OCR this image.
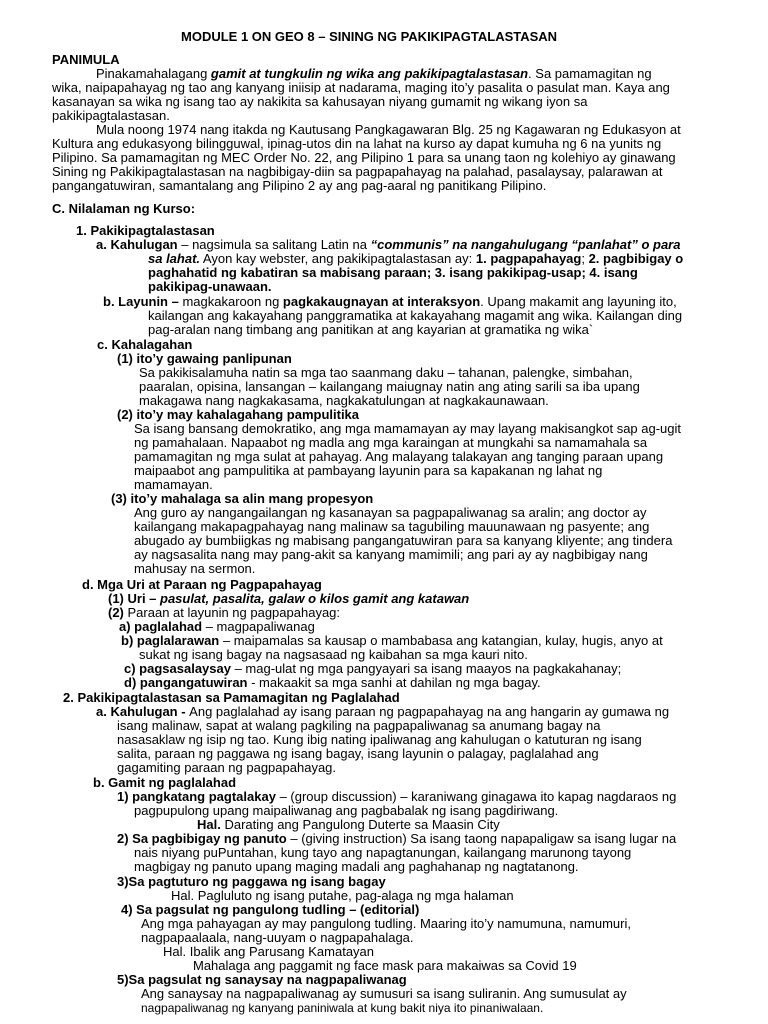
MODULE 1 ON GEO 8 – SINING NG PAKIKIPAGTALASTASAN
PANIMULA
Pinakamahalagang gamit at tungkulin ng wika ang pakikipagtalastasan. Sa pamamagitan ng
wika, naipapahayag ng tao ang kanyang iniisip at nadarama, maging ito’y pasalita o pasulat man. Kaya ang
kasanayan sa wika ng isang tao ay nakikita sa kahusayan niyang gumamit ng wikang iyon sa
pakikipagtalastasan.
Mula noong 1974 nang itakda ng Kautusang Pangkagawaran Blg. 25 ng Kagawaran ng Edukasyon at
Kultura ang edukasyong bilingguwal, ipinag-utos din na lahat na kurso ay dapat kumuha ng 6 na yunits ng
Pilipino. Sa pamamagitan ng MEC Order No. 22, ang Pilipino 1 para sa unang taon ng kolehiyo ay ginawang
Sining ng Pakikipagtalastasan na nagbibigay-diin sa pagpapahayag na palahad, pasalaysay, palarawan at
pangangatuwiran, samantalang ang Pilipino 2 ay ang pag-aaral ng panitikang Pilipino.
C. Nilalaman ng Kurso:
1. Pakikipagtalastasan
a. Kahulugan – nagsimula sa salitang Latin na “communis” na nangahulugang “panlahat” o para
sa lahat. Ayon kay webster, ang pakikipagtalastasan ay: 1. pagpapahayag; 2. pagbibigay o
paghahatid ng kabatiran sa mabisang paraan; 3. isang pakikipag-usap; 4. isang
pakikipag-unawaan.
b. Layunin – magkakaroon ng pagkakaugnayan at interaksyon. Upang makamit ang layuning ito,
kailangan ang kakayahang panggramatika at kakayahang magamit ang wika. Kailangan ding
pag-aralan nang timbang ang panitikan at ang kayarian at gramatika ng wika`
c. Kahalagahan
(1) ito’y gawaing panlipunan
Sa pakikisalamuha natin sa mga tao saanmang daku – tahanan, palengke, simbahan,
paaralan, opisina, lansangan – kailangang maiugnay natin ang ating sarili sa iba upang
makagawa nang nagkakasama, nagkakatulungan at nagkakaunawaan.
(2) ito’y may kahalagahang pampulitika
Sa isang bansang demokratiko, ang mga mamamayan ay may layang makisangkot sap ag-ugit
ng pamahalaan. Napaabot ng madla ang mga karaingan at mungkahi sa namamahala sa
pamamagitan ng mga sulat at pahayag. Ang malayang talakayan ang tanging paraan upang
maipaabot ang pampulitika at pambayang layunin para sa kapakanan ng lahat ng
mamamayan.
(3) ito’y mahalaga sa alin mang propesyon
Ang guro ay nangangailangan ng kasanayan sa pagpapaliwanag sa aralin; ang doctor ay
kailangang makapagpahayag nang malinaw sa tagubiling mauunawaan ng pasyente; ang
abugado ay bumbiigkas ng mabisang pangangatuwiran para sa kanyang kliyente; ang tindera
ay nagsasalita nang may pang-akit sa kanyang mamimili; ang pari ay ay nagbibigay nang
mahusay na sermon.
d. Mga Uri at Paraan ng Pagpapahayag
(1) Uri – pasulat, pasalita, galaw o kilos gamit ang katawan
(2) Paraan at layunin ng pagpapahayag:
a) paglalahad – magpapaliwanag
b) paglalarawan – maipamalas sa kausap o mambabasa ang katangian, kulay, hugis, anyo at
sukat ng isang bagay na nagsasaad ng kaibahan sa mga kauri nito.
c) pagsasalaysay – mag-ulat ng mga pangyayari sa isang maayos na pagkakahanay;
d) pangangatuwiran - makaakit sa mga sanhi at dahilan ng mga bagay.
2. Pakikipagtalastasan sa Pamamagitan ng Paglalahad
a. Kahulugan - Ang paglalahad ay isang paraan ng pagpapahayag na ang hangarin ay gumawa ng
isang malinaw, sapat at walang pagkiling na pagpapaliwanag sa anumang bagay na
nasasaklaw ng isip ng tao. Kung ibig nating ipaliwanag ang kahulugan o katuturan ng isang
salita, paraan ng paggawa ng isang bagay, isang layunin o palagay, paglalahad ang
gagamiting paraan ng pagpapahayag.
b. Gamit ng paglalahad
1) pangkatang pagtalakay – (group discussion) – karaniwang ginagawa ito kapag nagdaraos ng
pagpupulong upang maipaliwanag ang pagbabalak ng isang pagdiriwang.
Hal. Darating ang Pangulong Duterte sa Maasin City
2) Sa pagbibigay ng panuto – (giving instruction) Sa isang taong napapaligaw sa isang lugar na
nais niyang puPuntahan, kung tayo ang napagtanungan, kailangang marunong tayong
magbigay ng panuto upang maging madali ang paghahanap ng nagtatanong.
3)Sa pagtuturo ng paggawa ng isang bagay
Hal. Pagluluto ng isang putahe, pag-alaga ng mga halaman
4) Sa pagsulat ng pangulong tudling – (editorial)
Ang mga pahayagan ay may pangulong tudling. Maaring ito’y namumuna, namumuri,
nagpapaalaala, nang-uuyam o nagpapahalaga.
Hal. Ibalik ang Parusang Kamatayan
Mahalaga ang paggamit ng face mask para makaiwas sa Covid 19
5)Sa pagsulat ng sanaysay na nagpapaliwanag
Ang sanaysay na nagpapaliwanag ay sumusuri sa isang suliranin. Ang sumusulat ay
nagpapaliwanag ng kanyang paniniwala at kung bakit niya ito pinaniwalaan.
